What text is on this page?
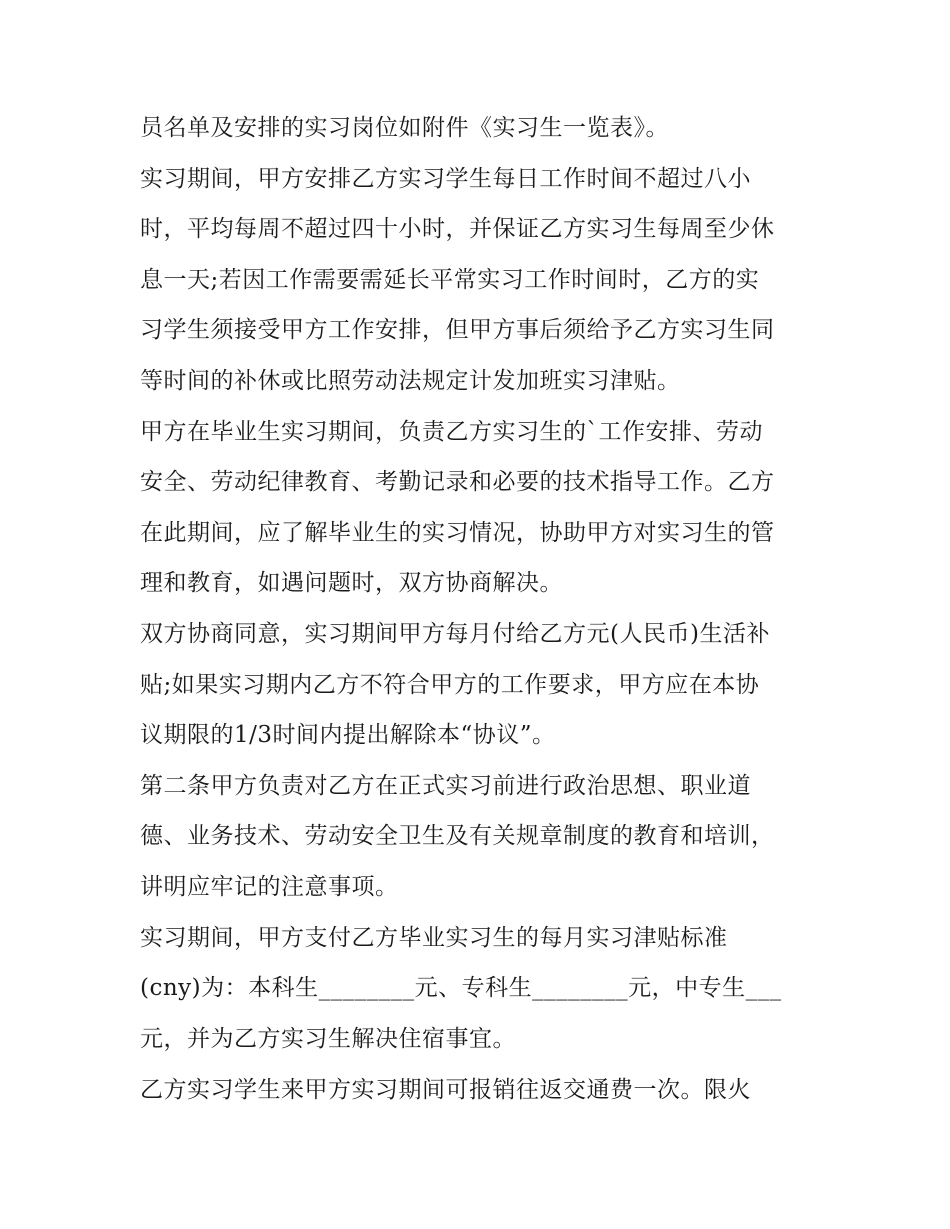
员名单及安排的实习岗位如附件《实习生一览表》。
实习期间，甲方安排乙方实习学生每日工作时间不超过八小
时，平均每周不超过四十小时，并保证乙方实习生每周至少休
息一天;若因工作需要需延长平常实习工作时间时，乙方的实
习学生须接受甲方工作安排，但甲方事后须给予乙方实习生同
等时间的补休或比照劳动法规定计发加班实习津贴。
甲方在毕业生实习期间，负责乙方实习生的`工作安排、劳动
安全、劳动纪律教育、考勤记录和必要的技术指导工作。乙方
在此期间，应了解毕业生的实习情况，协助甲方对实习生的管
理和教育，如遇问题时，双方协商解决。
双方协商同意，实习期间甲方每月付给乙方元(人民币)生活补
贴;如果实习期内乙方不符合甲方的工作要求，甲方应在本协
议期限的1/3时间内提出解除本“协议”。
第二条甲方负责对乙方在正式实习前进行政治思想、职业道
德、业务技术、劳动安全卫生及有关规章制度的教育和培训，
讲明应牢记的注意事项。
实习期间，甲方支付乙方毕业实习生的每月实习津贴标准
(cny)为：本科生________元、专科生________元，中专生___
元，并为乙方实习生解决住宿事宜。
乙方实习学生来甲方实习期间可报销往返交通费一次。限火
